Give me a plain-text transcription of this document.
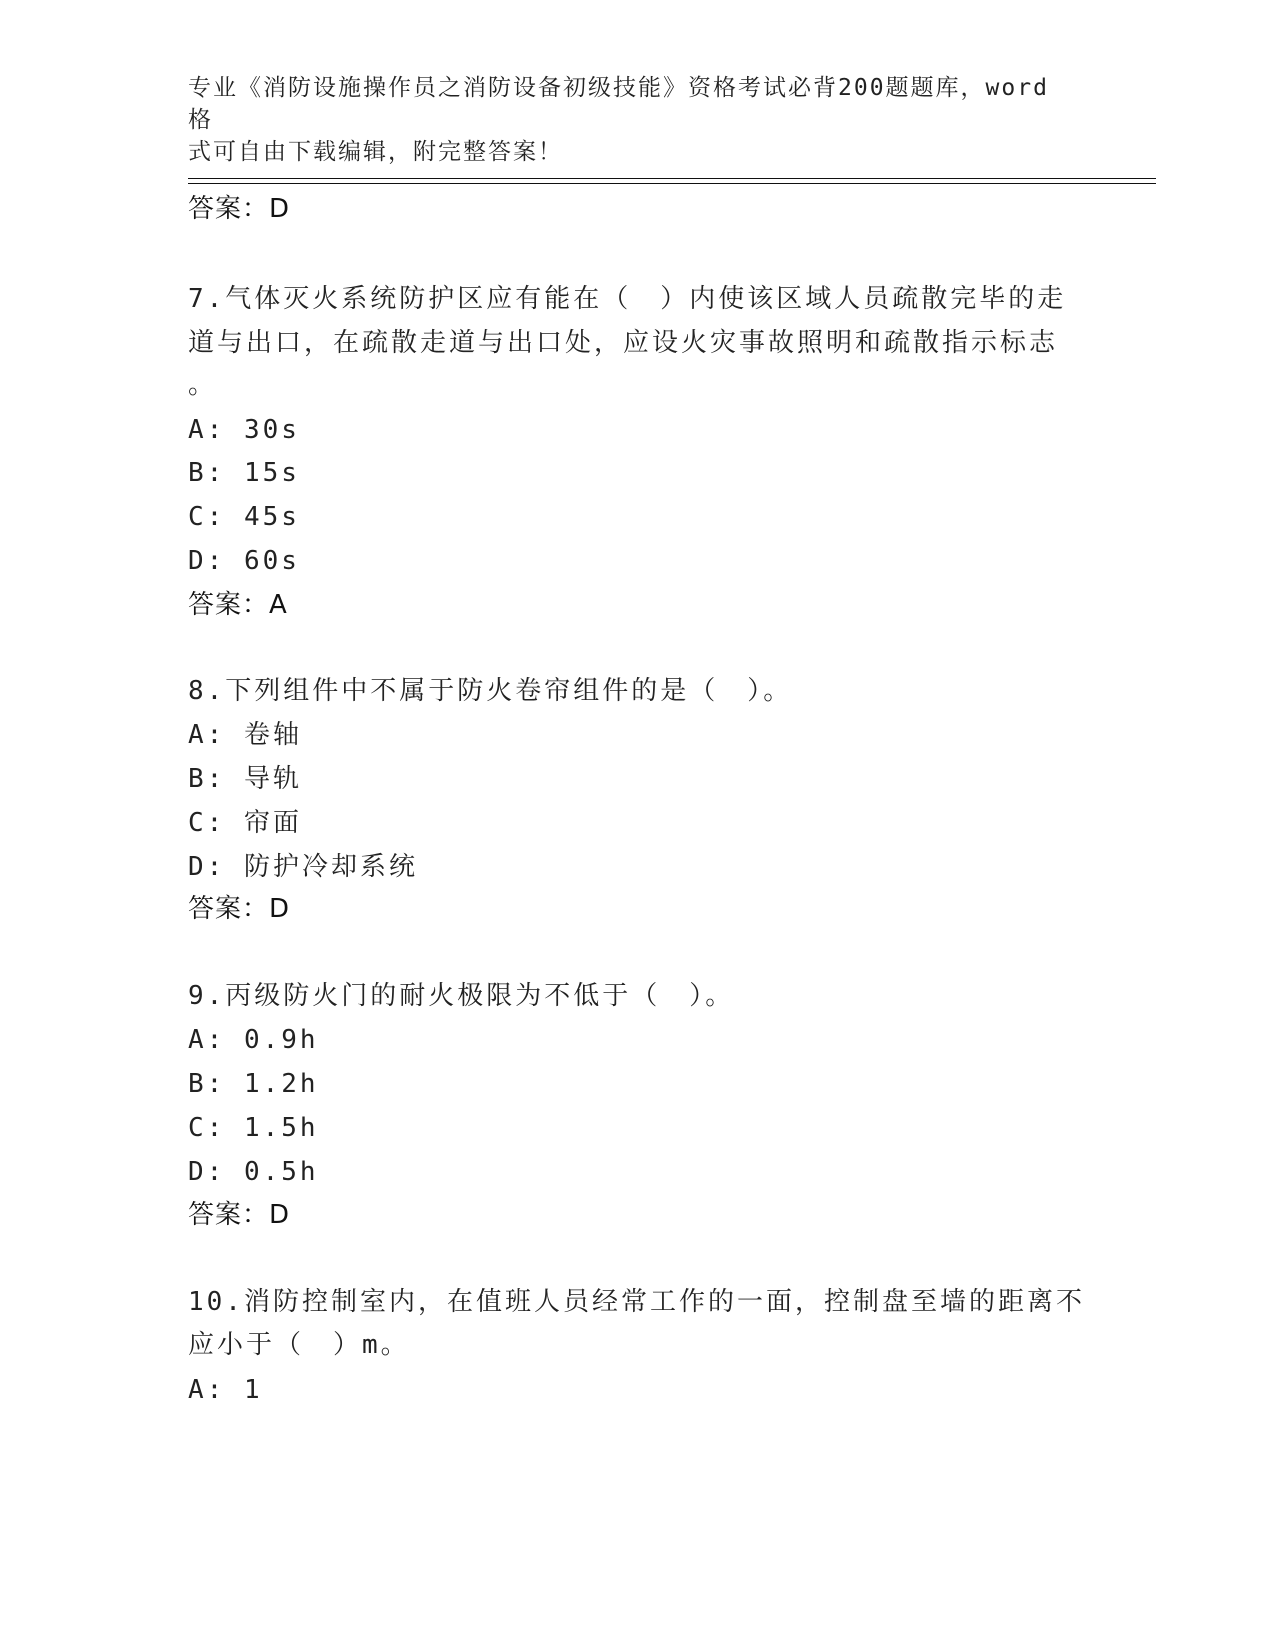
专业《消防设施操作员之消防设备初级技能》资格考试必背200题题库，word格
式可自由下载编辑，附完整答案！
答案：D
7.气体灭火系统防护区应有能在（　）内使该区域人员疏散完毕的走
道与出口，在疏散走道与出口处，应设火灾事故照明和疏散指示标志
。
A: 30s
B: 15s
C: 45s
D: 60s
答案：A
8.下列组件中不属于防火卷帘组件的是（　）。
A: 卷轴
B: 导轨
C: 帘面
D: 防护冷却系统
答案：D
9.丙级防火门的耐火极限为不低于（　）。
A: 0.9h
B: 1.2h
C: 1.5h
D: 0.5h
答案：D
10.消防控制室内，在值班人员经常工作的一面，控制盘至墙的距离不
应小于（　）m。
A: 1
